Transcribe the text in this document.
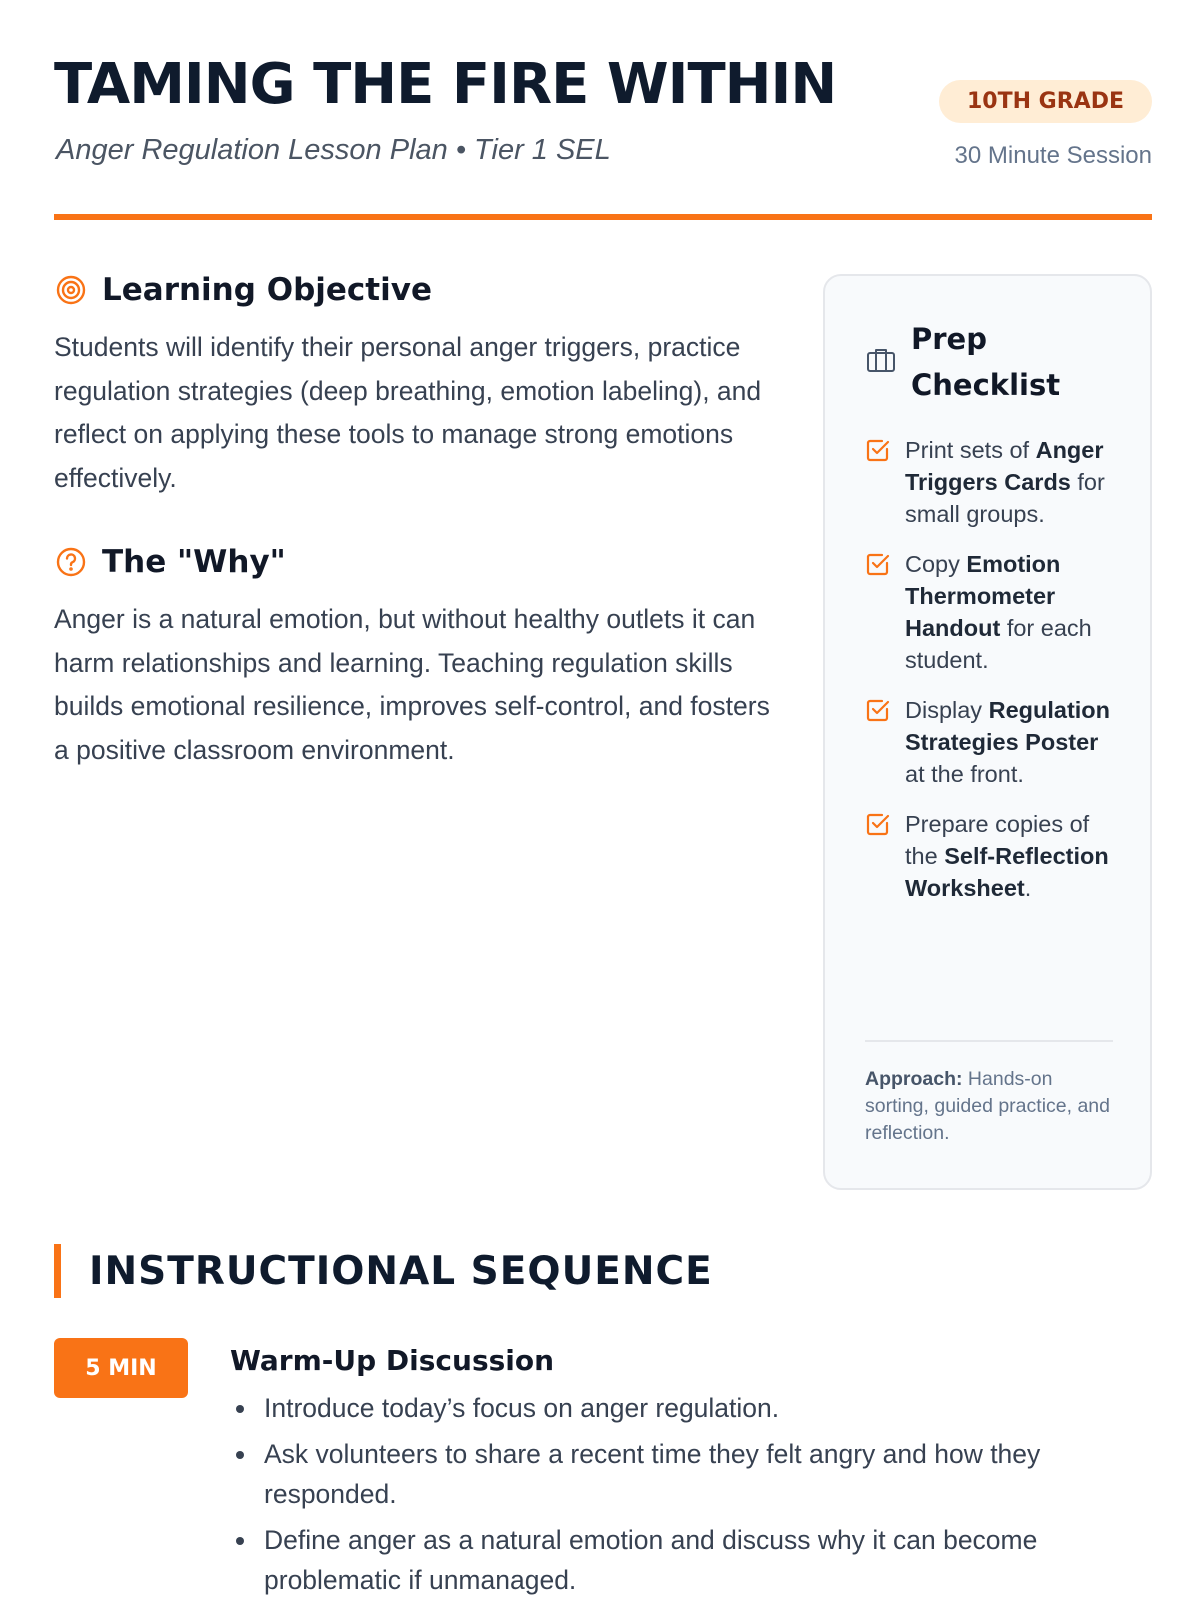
TAMING THE FIRE WITHIN
Anger Regulation Lesson Plan • Tier 1 SEL
10TH GRADE
30 Minute Session
Learning Objective

Students will identify their personal anger triggers, practice regulation strategies (deep breathing, emotion labeling), and reflect on applying these tools to manage strong emotions effectively.

The "Why"

Anger is a natural emotion, but without healthy outlets it can harm relationships and learning. Teaching regulation skills builds emotional resilience, improves self-control, and fosters a positive classroom environment.

Prep Checklist
Print sets of Anger Triggers Cards for small groups.
Copy Emotion Thermometer Handout for each student.
Display Regulation Strategies Poster at the front.
Prepare copies of the Self-Reflection Worksheet.
Approach: Hands-on sorting, guided practice, and reflection.
INSTRUCTIONAL SEQUENCE
5 MIN	Warm-Up Discussion
Introduce today’s focus on anger regulation.
Ask volunteers to share a recent time they felt angry and how they responded.
Define anger as a natural emotion and discuss why it can become problematic if unmanaged.
